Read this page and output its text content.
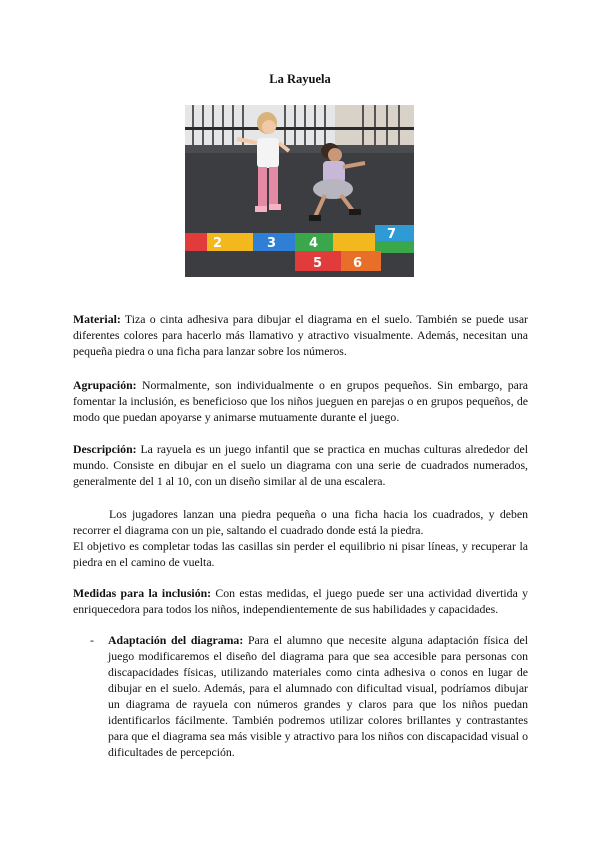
La Rayuela
2	3	4
5 6
7

Material: Tiza o cinta adhesiva para dibujar el diagrama en el suelo. También se puede usar diferentes colores para hacerlo más llamativo y atractivo visualmente. Además, necesitan una pequeña piedra o una ficha para lanzar sobre los números.

Agrupación: Normalmente, son individualmente o en grupos pequeños. Sin embargo, para fomentar la inclusión, es beneficioso que los niños jueguen en parejas o en grupos pequeños, de modo que puedan apoyarse y animarse mutuamente durante el juego.

Descripción: La rayuela es un juego infantil que se practica en muchas culturas alrededor del mundo. Consiste en dibujar en el suelo un diagrama con una serie de cuadrados numerados, generalmente del 1 al 10, con un diseño similar al de una escalera.

Los jugadores lanzan una piedra pequeña o una ficha hacia los cuadrados, y deben recorrer el diagrama con un pie, saltando el cuadrado donde está la piedra.
El objetivo es completar todas las casillas sin perder el equilibrio ni pisar líneas, y recuperar la piedra en el camino de vuelta.

Medidas para la inclusión: Con estas medidas, el juego puede ser una actividad divertida y enriquecedora para todos los niños, independientemente de sus habilidades y capacidades.

- Adaptación del diagrama: Para el alumno que necesite alguna adaptación física del juego modificaremos el diseño del diagrama para que sea accesible para personas con discapacidades físicas, utilizando materiales como cinta adhesiva o conos en lugar de dibujar en el suelo. Además, para el alumnado con dificultad visual, podríamos dibujar un diagrama de rayuela con números grandes y claros para que los niños puedan identificarlos fácilmente. También podremos utilizar colores brillantes y contrastantes para que el diagrama sea más visible y atractivo para los niños con discapacidad visual o dificultades de percepción.
